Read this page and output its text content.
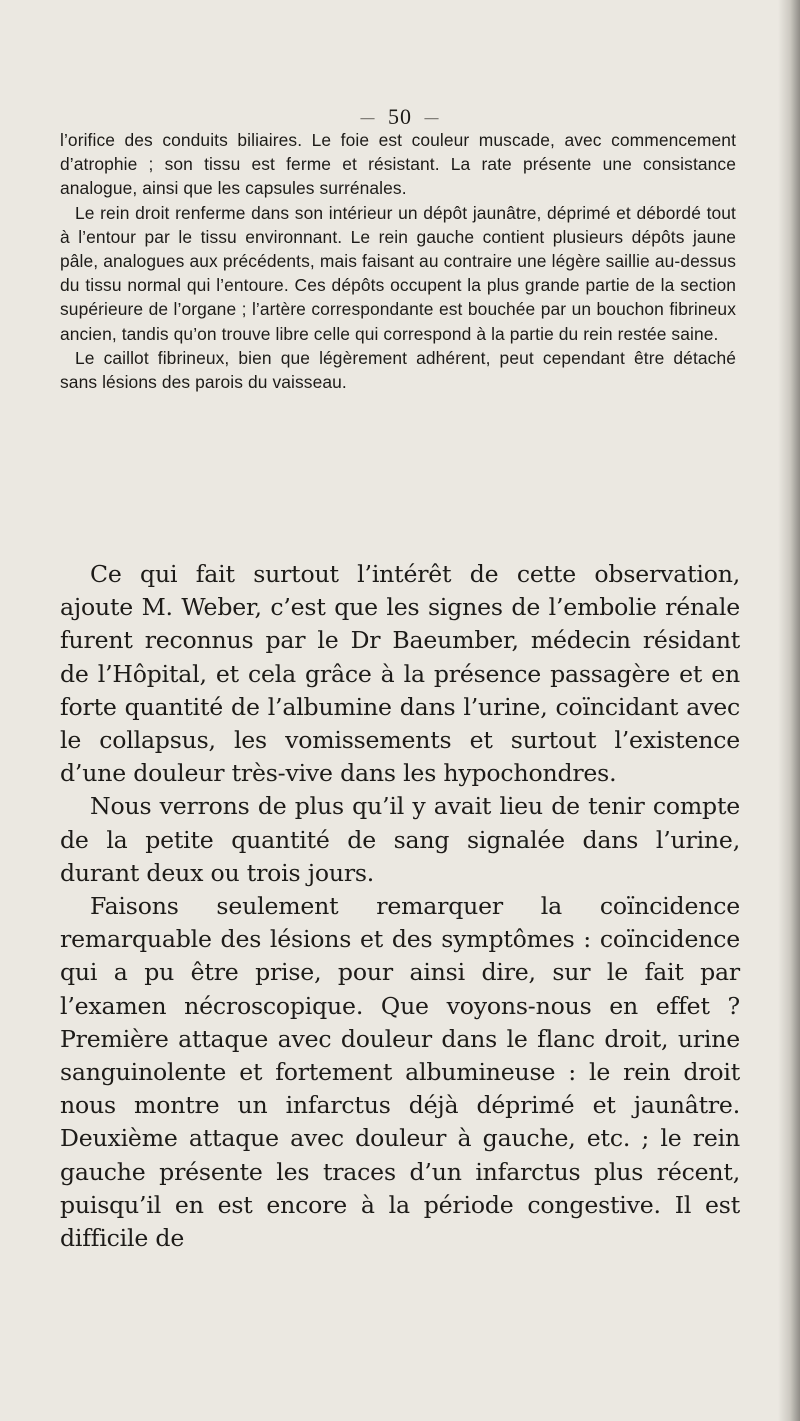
— 50 —

l’orifice des conduits biliaires. Le foie est couleur muscade, avec commencement d’atrophie ; son tissu est ferme et résistant. La rate présente une consistance analogue, ainsi que les capsules surrénales.

Le rein droit renferme dans son intérieur un dépôt jaunâtre, déprimé et débordé tout à l’entour par le tissu environnant. Le rein gauche contient plusieurs dépôts jaune pâle, analogues aux précédents, mais faisant au contraire une légère saillie au-dessus du tissu normal qui l’entoure. Ces dépôts occupent la plus grande partie de la section supérieure de l’organe ; l’artère correspondante est bouchée par un bouchon fibrineux ancien, tandis qu’on trouve libre celle qui correspond à la partie du rein restée saine.

Le caillot fibrineux, bien que légèrement adhérent, peut cependant être détaché sans lésions des parois du vaisseau.

Ce qui fait surtout l’intérêt de cette observation, ajoute M. Weber, c’est que les signes de l’embolie rénale furent reconnus par le Dr Baeumber, médecin résidant de l’Hôpital, et cela grâce à la présence passagère et en forte quantité de l’albumine dans l’urine, coïncidant avec le collapsus, les vomissements et surtout l’existence d’une douleur très-vive dans les hypochondres.

Nous verrons de plus qu’il y avait lieu de tenir compte de la petite quantité de sang signalée dans l’urine, durant deux ou trois jours.

Faisons seulement remarquer la coïncidence remarquable des lésions et des symptômes : coïncidence qui a pu être prise, pour ainsi dire, sur le fait par l’examen nécroscopique. Que voyons-nous en effet ? Première attaque avec douleur dans le flanc droit, urine sanguinolente et fortement albumineuse : le rein droit nous montre un infarctus déjà déprimé et jaunâtre. Deuxième attaque avec douleur à gauche, etc. ; le rein gauche présente les traces d’un infarctus plus récent, puisqu’il en est encore à la période congestive. Il est difficile de
